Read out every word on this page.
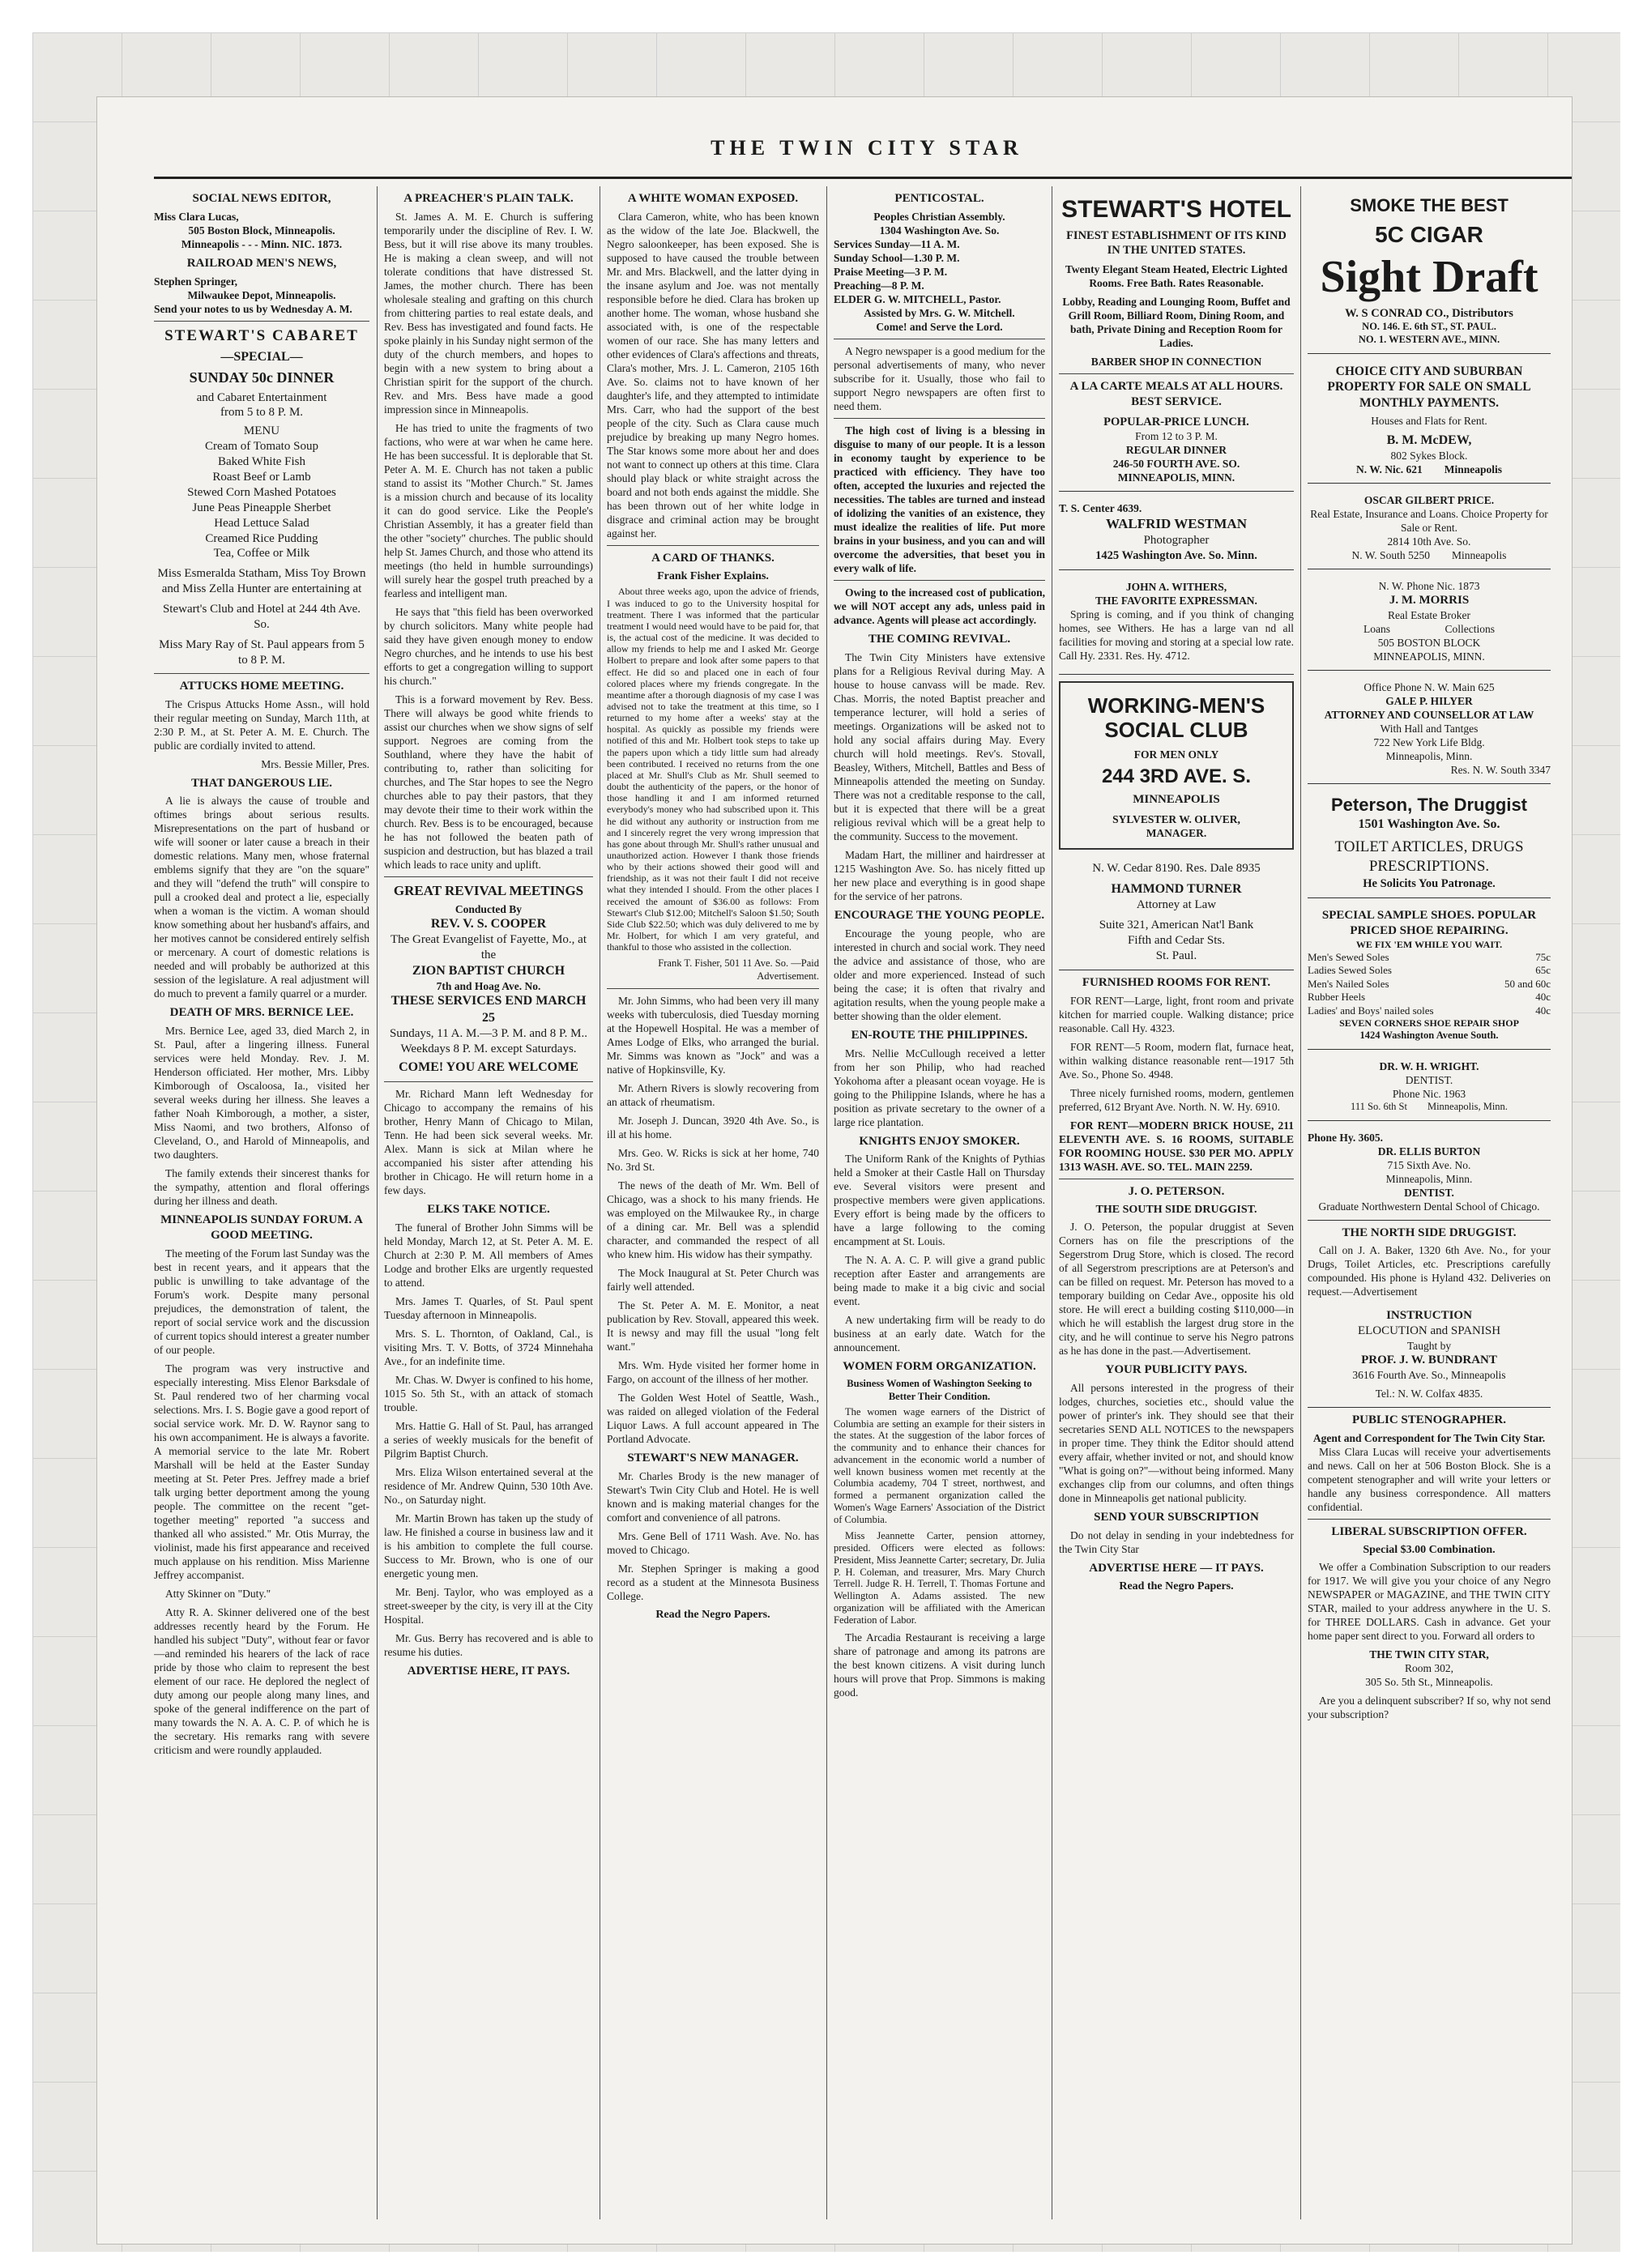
THE TWIN CITY STAR
SOCIAL NEWS EDITOR,
Miss Clara Lucas,
505 Boston Block, Minneapolis.
Minneapolis - - - Minn. NIC. 1873.
RAILROAD MEN'S NEWS,
Stephen Springer,
Milwaukee Depot, Minneapolis.
Send your notes to us by Wednesday A. M.
STEWART'S CABARET
—SPECIAL—
SUNDAY 50c DINNER
and Cabaret Entertainment
from 5 to 8 P. M.
MENU
Cream of Tomato Soup
Baked White Fish
Roast Beef or Lamb
Stewed Corn Mashed Potatoes
June Peas Pineapple Sherbet
Head Lettuce Salad
Creamed Rice Pudding
Tea, Coffee or Milk

Miss Esmeralda Statham, Miss Toy Brown and Miss Zella Hunter are entertaining at

Stewart's Club and Hotel at 244 4th Ave. So.

Miss Mary Ray of St. Paul appears from 5 to 8 P. M.

ATTUCKS HOME MEETING.

The Crispus Attucks Home Assn., will hold their regular meeting on Sunday, March 11th, at 2:30 P. M., at St. Peter A. M. E. Church. The public are cordially invited to attend.

Mrs. Bessie Miller, Pres.
THAT DANGEROUS LIE.

A lie is always the cause of trouble and oftimes brings about serious results. Misrepresentations on the part of husband or wife will sooner or later cause a breach in their domestic relations. Many men, whose fraternal emblems signify that they are "on the square" and they will "defend the truth" will conspire to pull a crooked deal and protect a lie, especially when a woman is the victim. A woman should know something about her husband's affairs, and her motives cannot be considered entirely selfish or mercenary. A court of domestic relations is needed and will probably be authorized at this session of the legislature. A real adjustment will do much to prevent a family quarrel or a murder.

DEATH OF MRS. BERNICE LEE.

Mrs. Bernice Lee, aged 33, died March 2, in St. Paul, after a lingering illness. Funeral services were held Monday. Rev. J. M. Henderson officiated. Her mother, Mrs. Libby Kimborough of Oscaloosa, Ia., visited her several weeks during her illness. She leaves a father Noah Kimborough, a mother, a sister, Miss Naomi, and two brothers, Alfonso of Cleveland, O., and Harold of Minneapolis, and two daughters.

The family extends their sincerest thanks for the sympathy, attention and floral offerings during her illness and death.

MINNEAPOLIS SUNDAY FORUM. A GOOD MEETING.

The meeting of the Forum last Sunday was the best in recent years, and it appears that the public is unwilling to take advantage of the Forum's work. Despite many personal prejudices, the demonstration of talent, the report of social service work and the discussion of current topics should interest a greater number of our people.

The program was very instructive and especially interesting. Miss Elenor Barksdale of St. Paul rendered two of her charming vocal selections. Mrs. I. S. Bogie gave a good report of social service work. Mr. D. W. Raynor sang to his own accompaniment. He is always a favorite. A memorial service to the late Mr. Robert Marshall will be held at the Easter Sunday meeting at St. Peter Pres. Jeffrey made a brief talk urging better deportment among the young people. The committee on the recent "get-together meeting" reported "a success and thanked all who assisted." Mr. Otis Murray, the violinist, made his first appearance and received much applause on his rendition. Miss Marienne Jeffrey accompanist.

Atty Skinner on "Duty."

Atty R. A. Skinner delivered one of the best addresses recently heard by the Forum. He handled his subject "Duty", without fear or favor—and reminded his hearers of the lack of race pride by those who claim to represent the best element of our race. He deplored the neglect of duty among our people along many lines, and spoke of the general indifference on the part of many towards the N. A. A. C. P. of which he is the secretary. His remarks rang with severe criticism and were roundly applauded.

A PREACHER'S PLAIN TALK.

St. James A. M. E. Church is suffering temporarily under the discipline of Rev. I. W. Bess, but it will rise above its many troubles. He is making a clean sweep, and will not tolerate conditions that have distressed St. James, the mother church. There has been wholesale stealing and grafting on this church from chittering parties to real estate deals, and Rev. Bess has investigated and found facts. He spoke plainly in his Sunday night sermon of the duty of the church members, and hopes to begin with a new system to bring about a Christian spirit for the support of the church. Rev. and Mrs. Bess have made a good impression since in Minneapolis.

He has tried to unite the fragments of two factions, who were at war when he came here. He has been successful. It is deplorable that St. Peter A. M. E. Church has not taken a public stand to assist its "Mother Church." St. James is a mission church and because of its locality it can do good service. Like the People's Christian Assembly, it has a greater field than the other "society" churches. The public should help St. James Church, and those who attend its meetings (tho held in humble surroundings) will surely hear the gospel truth preached by a fearless and intelligent man.

He says that "this field has been overworked by church solicitors. Many white people had said they have given enough money to endow Negro churches, and he intends to use his best efforts to get a congregation willing to support his church."

This is a forward movement by Rev. Bess. There will always be good white friends to assist our churches when we show signs of self support. Negroes are coming from the Southland, where they have the habit of contributing to, rather than soliciting for churches, and The Star hopes to see the Negro churches able to pay their pastors, that they may devote their time to their work within the church. Rev. Bess is to be encouraged, because he has not followed the beaten path of suspicion and destruction, but has blazed a trail which leads to race unity and uplift.

GREAT REVIVAL MEETINGS
Conducted By
REV. V. S. COOPER
The Great Evangelist of Fayette, Mo., at the
ZION BAPTIST CHURCH
7th and Hoag Ave. No.
THESE SERVICES END MARCH 25
Sundays, 11 A. M.—3 P. M. and 8 P. M.. Weekdays 8 P. M. except Saturdays.
COME! YOU ARE WELCOME

Mr. Richard Mann left Wednesday for Chicago to accompany the remains of his brother, Henry Mann of Chicago to Milan, Tenn. He had been sick several weeks. Mr. Alex. Mann is sick at Milan where he accompanied his sister after attending his brother in Chicago. He will return home in a few days.

ELKS TAKE NOTICE.

The funeral of Brother John Simms will be held Monday, March 12, at St. Peter A. M. E. Church at 2:30 P. M. All members of Ames Lodge and brother Elks are urgently requested to attend.

Mrs. James T. Quarles, of St. Paul spent Tuesday afternoon in Minneapolis.

Mrs. S. L. Thornton, of Oakland, Cal., is visiting Mrs. T. V. Botts, of 3724 Minnehaha Ave., for an indefinite time.

Mr. Chas. W. Dwyer is confined to his home, 1015 So. 5th St., with an attack of stomach trouble.

Mrs. Hattie G. Hall of St. Paul, has arranged a series of weekly musicals for the benefit of Pilgrim Baptist Church.

Mrs. Eliza Wilson entertained several at the residence of Mr. Andrew Quinn, 530 10th Ave. No., on Saturday night.

Mr. Martin Brown has taken up the study of law. He finished a course in business law and it is his ambition to complete the full course. Success to Mr. Brown, who is one of our energetic young men.

Mr. Benj. Taylor, who was employed as a street-sweeper by the city, is very ill at the City Hospital.

Mr. Gus. Berry has recovered and is able to resume his duties.

ADVERTISE HERE, IT PAYS.
A WHITE WOMAN EXPOSED.

Clara Cameron, white, who has been known as the widow of the late Joe. Blackwell, the Negro saloonkeeper, has been exposed. She is supposed to have caused the trouble between Mr. and Mrs. Blackwell, and the latter dying in the insane asylum and Joe. was not mentally responsible before he died. Clara has broken up another home. The woman, whose husband she associated with, is one of the respectable women of our race. She has many letters and other evidences of Clara's affections and threats, Clara's mother, Mrs. J. L. Cameron, 2105 16th Ave. So. claims not to have known of her daughter's life, and they attempted to intimidate Mrs. Carr, who had the support of the best people of the city. Such as Clara cause much prejudice by breaking up many Negro homes. The Star knows some more about her and does not want to connect up others at this time. Clara should play black or white straight across the board and not both ends against the middle. She has been thrown out of her white lodge in disgrace and criminal action may be brought against her.

A CARD OF THANKS.
Frank Fisher Explains.

About three weeks ago, upon the advice of friends, I was induced to go to the University hospital for treatment. There I was informed that the particular treatment I would need would have to be paid for, that is, the actual cost of the medicine. It was decided to allow my friends to help me and I asked Mr. George Holbert to prepare and look after some papers to that effect. He did so and placed one in each of four colored places where my friends congregate. In the meantime after a thorough diagnosis of my case I was advised not to take the treatment at this time, so I returned to my home after a weeks' stay at the hospital. As quickly as possible my friends were notified of this and Mr. Holbert took steps to take up the papers upon which a tidy little sum had already been contributed. I received no returns from the one placed at Mr. Shull's Club as Mr. Shull seemed to doubt the authenticity of the papers, or the honor of those handling it and I am informed returned everybody's money who had subscribed upon it. This he did without any authority or instruction from me and I sincerely regret the very wrong impression that has gone about through Mr. Shull's rather unusual and unauthorized action. However I thank those friends who by their actions showed their good will and friendship, as it was not their fault I did not receive what they intended I should. From the other places I received the amount of $36.00 as follows: From Stewart's Club $12.00; Mitchell's Saloon $1.50; South Side Club $22.50; which was duly delivered to me by Mr. Holbert, for which I am very grateful, and thankful to those who assisted in the collection.

Frank T. Fisher, 501 11 Ave. So. —Paid Advertisement.

Mr. John Simms, who had been very ill many weeks with tuberculosis, died Tuesday morning at the Hopewell Hospital. He was a member of Ames Lodge of Elks, who arranged the burial. Mr. Simms was known as "Jock" and was a native of Hopkinsville, Ky.

Mr. Athern Rivers is slowly recovering from an attack of rheumatism.

Mr. Joseph J. Duncan, 3920 4th Ave. So., is ill at his home.

Mrs. Geo. W. Ricks is sick at her home, 740 No. 3rd St.

The news of the death of Mr. Wm. Bell of Chicago, was a shock to his many friends. He was employed on the Milwaukee Ry., in charge of a dining car. Mr. Bell was a splendid character, and commanded the respect of all who knew him. His widow has their sympathy.

The Mock Inaugural at St. Peter Church was fairly well attended.

The St. Peter A. M. E. Monitor, a neat publication by Rev. Stovall, appeared this week. It is newsy and may fill the usual "long felt want."

Mrs. Wm. Hyde visited her former home in Fargo, on account of the illness of her mother.

The Golden West Hotel of Seattle, Wash., was raided on alleged violation of the Federal Liquor Laws. A full account appeared in The Portland Advocate.

STEWART'S NEW MANAGER.

Mr. Charles Brody is the new manager of Stewart's Twin City Club and Hotel. He is well known and is making material changes for the comfort and convenience of all patrons.

Mrs. Gene Bell of 1711 Wash. Ave. No. has moved to Chicago.

Mr. Stephen Springer is making a good record as a student at the Minnesota Business College.

Read the Negro Papers.
PENTICOSTAL.
Peoples Christian Assembly.
1304 Washington Ave. So.
Services Sunday—11 A. M.
Sunday School—1.30 P. M.
Praise Meeting—3 P. M.
Preaching—8 P. M.
ELDER G. W. MITCHELL, Pastor.
Assisted by Mrs. G. W. Mitchell.
Come! and Serve the Lord.

A Negro newspaper is a good medium for the personal advertisements of many, who never subscribe for it. Usually, those who fail to support Negro newspapers are often first to need them.

The high cost of living is a blessing in disguise to many of our people. It is a lesson in economy taught by experience to be practiced with efficiency. They have too often, accepted the luxuries and rejected the necessities. The tables are turned and instead of idolizing the vanities of an existence, they must idealize the realities of life. Put more brains in your business, and you can and will overcome the adversities, that beset you in every walk of life.

Owing to the increased cost of publication, we will NOT accept any ads, unless paid in advance. Agents will please act accordingly.

THE COMING REVIVAL.

The Twin City Ministers have extensive plans for a Religious Revival during May. A house to house canvass will be made. Rev. Chas. Morris, the noted Baptist preacher and temperance lecturer, will hold a series of meetings. Organizations will be asked not to hold any social affairs during May. Every church will hold meetings. Rev's. Stovall, Beasley, Withers, Mitchell, Battles and Bess of Minneapolis attended the meeting on Sunday. There was not a creditable response to the call, but it is expected that there will be a great religious revival which will be a great help to the community. Success to the movement.

Madam Hart, the milliner and hairdresser at 1215 Washington Ave. So. has nicely fitted up her new place and everything is in good shape for the service of her patrons.

ENCOURAGE THE YOUNG PEOPLE.

Encourage the young people, who are interested in church and social work. They need the advice and assistance of those, who are older and more experienced. Instead of such being the case; it is often that rivalry and agitation results, when the young people make a better showing than the older element.

EN-ROUTE THE PHILIPPINES.

Mrs. Nellie McCullough received a letter from her son Philip, who had reached Yokohoma after a pleasant ocean voyage. He is going to the Philippine Islands, where he has a position as private secretary to the owner of a large rice plantation.

KNIGHTS ENJOY SMOKER.

The Uniform Rank of the Knights of Pythias held a Smoker at their Castle Hall on Thursday eve. Several visitors were present and prospective members were given applications. Every effort is being made by the officers to have a large following to the coming encampment at St. Louis.

The N. A. A. C. P. will give a grand public reception after Easter and arrangements are being made to make it a big civic and social event.

A new undertaking firm will be ready to do business at an early date. Watch for the announcement.

WOMEN FORM ORGANIZATION.
Business Women of Washington Seeking to Better Their Condition.

The women wage earners of the District of Columbia are setting an example for their sisters in the states. At the suggestion of the labor forces of the community and to enhance their chances for advancement in the economic world a number of well known business women met recently at the Columbia academy, 704 T street, northwest, and formed a permanent organization called the Women's Wage Earners' Association of the District of Columbia.

Miss Jeannette Carter, pension attorney, presided. Officers were elected as follows: President, Miss Jeannette Carter; secretary, Dr. Julia P. H. Coleman, and treasurer, Mrs. Mary Church Terrell. Judge R. H. Terrell, T. Thomas Fortune and Wellington A. Adams assisted. The new organization will be affiliated with the American Federation of Labor.

The Arcadia Restaurant is receiving a large share of patronage and among its patrons are the best known citizens. A visit during lunch hours will prove that Prop. Simmons is making good.

STEWART'S HOTEL
FINEST ESTABLISHMENT OF ITS KIND IN THE UNITED STATES.

Twenty Elegant Steam Heated, Electric Lighted Rooms. Free Bath. Rates Reasonable.

Lobby, Reading and Lounging Room, Buffet and Grill Room, Billiard Room, Dining Room, and bath, Private Dining and Reception Room for Ladies.

BARBER SHOP IN CONNECTION
A LA CARTE MEALS AT ALL HOURS. BEST SERVICE.
POPULAR-PRICE LUNCH.
From 12 to 3 P. M.
REGULAR DINNER
246-50 FOURTH AVE. SO.
MINNEAPOLIS, MINN.
T. S. Center 4639.
WALFRID WESTMAN
Photographer
1425 Washington Ave. So. Minn.
JOHN A. WITHERS,
THE FAVORITE EXPRESSMAN.

Spring is coming, and if you think of changing homes, see Withers. He has a large van nd all facilities for moving and storing at a special low rate. Call Hy. 2331. Res. Hy. 4712.

WORKING-MEN'S SOCIAL CLUB
FOR MEN ONLY
244 3RD AVE. S.
MINNEAPOLIS
SYLVESTER W. OLIVER,
MANAGER.
N. W. Cedar 8190. Res. Dale 8935
HAMMOND TURNER
Attorney at Law
Suite 321, American Nat'l Bank
Fifth and Cedar Sts.
St. Paul.
FURNISHED ROOMS FOR RENT.

FOR RENT—Large, light, front room and private kitchen for married couple. Walking distance; price reasonable. Call Hy. 4323.

FOR RENT—5 Room, modern flat, furnace heat, within walking distance reasonable rent—1917 5th Ave. So., Phone So. 4948.

Three nicely furnished rooms, modern, gentlemen preferred, 612 Bryant Ave. North. N. W. Hy. 6910.

FOR RENT—MODERN BRICK HOUSE, 211 ELEVENTH AVE. S. 16 ROOMS, SUITABLE FOR ROOMING HOUSE. $30 PER MO. APPLY 1313 WASH. AVE. SO. TEL. MAIN 2259.

J. O. PETERSON.
THE SOUTH SIDE DRUGGIST.

J. O. Peterson, the popular druggist at Seven Corners has on file the prescriptions of the Segerstrom Drug Store, which is closed. The record of all Segerstrom prescriptions are at Peterson's and can be filled on request. Mr. Peterson has moved to a temporary building on Cedar Ave., opposite his old store. He will erect a building costing $110,000—in which he will establish the largest drug store in the city, and he will continue to serve his Negro patrons as he has done in the past.—Advertisement.

YOUR PUBLICITY PAYS.

All persons interested in the progress of their lodges, churches, societies etc., should value the power of printer's ink. They should see that their secretaries SEND ALL NOTICES to the newspapers in proper time. They think the Editor should attend every affair, whether invited or not, and should know "What is going on?"—without being informed. Many exchanges clip from our columns, and often things done in Minneapolis get national publicity.

SEND YOUR SUBSCRIPTION

Do not delay in sending in your indebtedness for the Twin City Star

ADVERTISE HERE — IT PAYS.
Read the Negro Papers.
SMOKE THE BEST
5C CIGAR
Sight Draft
W. S CONRAD CO., Distributors
NO. 146. E. 6th ST., ST. PAUL.
NO. 1. WESTERN AVE., MINN.
CHOICE CITY AND SUBURBAN PROPERTY FOR SALE ON SMALL MONTHLY PAYMENTS.
Houses and Flats for Rent.
B. M. McDEW,
802 Sykes Block.
N. W. Nic. 621        Minneapolis
OSCAR GILBERT PRICE.
Real Estate, Insurance and Loans. Choice Property for Sale or Rent.
2814 10th Ave. So.
N. W. South 5250        Minneapolis
N. W. Phone Nic. 1873
J. M. MORRIS
Real Estate Broker
Loans                    Collections
505 BOSTON BLOCK
MINNEAPOLIS, MINN.
Office Phone N. W. Main 625
GALE P. HILYER
ATTORNEY AND COUNSELLOR AT LAW
With Hall and Tantges
722 New York Life Bldg.
Minneapolis, Minn.
Res. N. W. South 3347
Peterson, The Druggist
1501 Washington Ave. So.
TOILET ARTICLES, DRUGS PRESCRIPTIONS.
He Solicits You Patronage.
SPECIAL SAMPLE SHOES. POPULAR PRICED SHOE REPAIRING.
WE FIX 'EM WHILE YOU WAIT.
Men's Sewed Soles	75c
Ladies Sewed Soles	65c
Men's Nailed Soles	50 and 60c
Rubber Heels	40c
Ladies' and Boys' nailed soles	40c
SEVEN CORNERS SHOE REPAIR SHOP
1424 Washington Avenue South.
DR. W. H. WRIGHT.
DENTIST.
Phone Nic. 1963
111 So. 6th St        Minneapolis, Minn.
Phone Hy. 3605.
DR. ELLIS BURTON
715 Sixth Ave. No.
Minneapolis, Minn.
DENTIST.
Graduate Northwestern Dental School of Chicago.
THE NORTH SIDE DRUGGIST.

Call on J. A. Baker, 1320 6th Ave. No., for your Drugs, Toilet Articles, etc. Prescriptions carefully compounded. His phone is Hyland 432. Deliveries on request.—Advertisement

INSTRUCTION
ELOCUTION and SPANISH
Taught by
PROF. J. W. BUNDRANT
3616 Fourth Ave. So., Minneapolis
Tel.: N. W. Colfax 4835.
PUBLIC STENOGRAPHER.
Agent and Correspondent for The Twin City Star.

Miss Clara Lucas will receive your advertisements and news. Call on her at 506 Boston Block. She is a competent stenographer and will write your letters or handle any business correspondence. All matters confidential.

LIBERAL SUBSCRIPTION OFFER.
Special $3.00 Combination.

We offer a Combination Subscription to our readers for 1917. We will give you your choice of any Negro NEWSPAPER or MAGAZINE, and THE TWIN CITY STAR, mailed to your address anywhere in the U. S. for THREE DOLLARS. Cash in advance. Get your home paper sent direct to you. Forward all orders to

THE TWIN CITY STAR,
Room 302,
305 So. 5th St., Minneapolis.

Are you a delinquent subscriber? If so, why not send your subscription?
